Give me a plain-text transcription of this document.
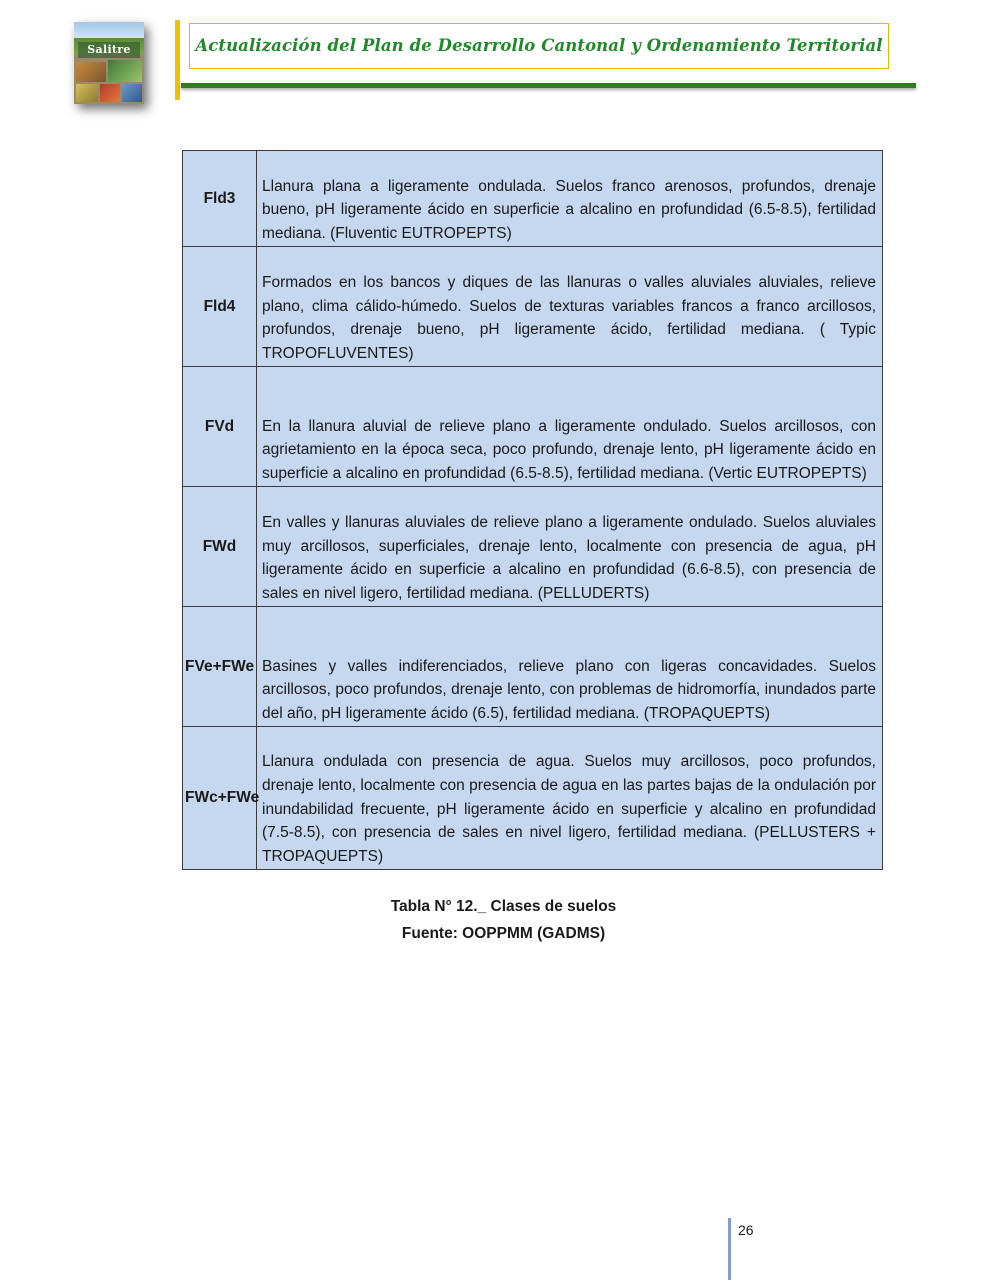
Salitre	Actualización del Plan de Desarrollo Cantonal y Ordenamiento Territorial
Fld3	Llanura plana a ligeramente ondulada. Suelos franco arenosos, profundos, drenaje bueno, pH ligeramente ácido en superficie a alcalino en profundidad (6.5-8.5), fertilidad mediana. (Fluventic EUTROPEPTS)
Fld4	Formados en los bancos y diques de las llanuras o valles aluviales aluviales, relieve plano, clima cálido-húmedo. Suelos de texturas variables francos a franco arcillosos, profundos, drenaje bueno, pH ligeramente ácido, fertilidad mediana. ( Typic TROPOFLUVENTES)
FVd	En la llanura aluvial de relieve plano a ligeramente ondulado. Suelos arcillosos, con agrietamiento en la época seca, poco profundo, drenaje lento, pH ligeramente ácido en superficie a alcalino en profundidad (6.5-8.5), fertilidad mediana. (Vertic EUTROPEPTS)
FWd	En valles y llanuras aluviales de relieve plano a ligeramente ondulado. Suelos aluviales muy arcillosos, superficiales, drenaje lento, localmente con presencia de agua, pH ligeramente ácido en superficie a alcalino en profundidad (6.6-8.5), con presencia de sales en nivel ligero, fertilidad mediana. (PELLUDERTS)
FVe+FWe	Basines y valles indiferenciados, relieve plano con ligeras concavidades. Suelos arcillosos, poco profundos, drenaje lento, con problemas de hidromorfía, inundados parte del año, pH ligeramente ácido (6.5), fertilidad mediana. (TROPAQUEPTS)
FWc+FWe	Llanura ondulada con presencia de agua. Suelos muy arcillosos, poco profundos, drenaje lento, localmente con presencia de agua en las partes bajas de la ondulación por inundabilidad frecuente, pH ligeramente ácido en superficie y alcalino en profundidad (7.5-8.5), con presencia de sales en nivel ligero, fertilidad mediana. (PELLUSTERS + TROPAQUEPTS)
Tabla N° 12._ Clases de suelos
Fuente: OOPPMM (GADMS)
26
